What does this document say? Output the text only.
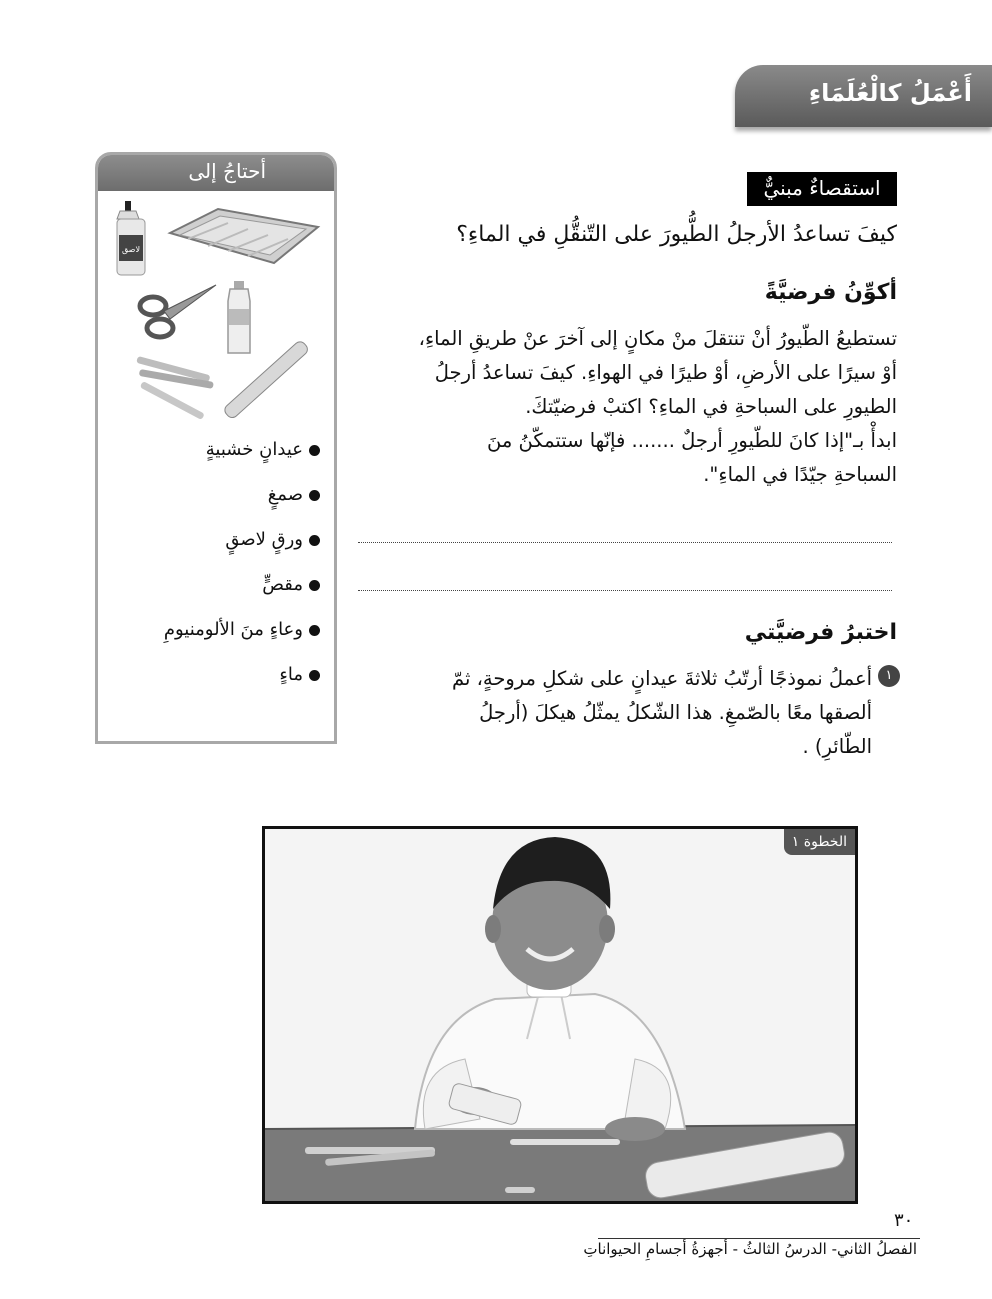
أَعْمَلُ كالْعُلَمَاءِ
أحتاجُ إلى
لاصق
عيدانٍ خشبيةٍ
صمغٍ
ورقٍ لاصقٍ
مقصٍّ
وعاءٍ منَ الألومنيومِ
ماءٍ
استقصاءٌ مبنيٌّ
كيفَ تساعدُ الأرجلُ الطُّيورَ على التّنقُّلِ في الماءِ؟
أكوِّنُ فرضيَّةً

تستطيعُ الطّيورُ أنْ تنتقلَ منْ مكانٍ إلى آخرَ عنْ طريقِ الماءِ،

أوْ سيرًا على الأرضِ، أوْ طيرًا في الهواءِ. كيفَ تساعدُ أرجلُ

الطيورِ على السباحةِ في الماءِ؟ اكتبْ فرضيّتكَ.

ابدأْ بـ"إذا كانَ للطّيورِ أرجلٌ ....... فإنّها ستتمكّنُ منَ

السباحةِ جيّدًا في الماءِ".

اختبرُ فرضيَّتي
١

أعملُ نموذجًا أرتّبُ ثلاثةَ عيدانٍ على شكلِ مروحةٍ، ثمّ

ألصقها معًا بالصّمغِ. هذا الشّكلُ يمثّلُ هيكلَ (أرجلُ

الطّائرِ) .

الخطوة ١
٣٠
الفصلُ الثاني- الدرسُ الثالثُ - أجهزةُ أجسامِ الحيواناتِ
